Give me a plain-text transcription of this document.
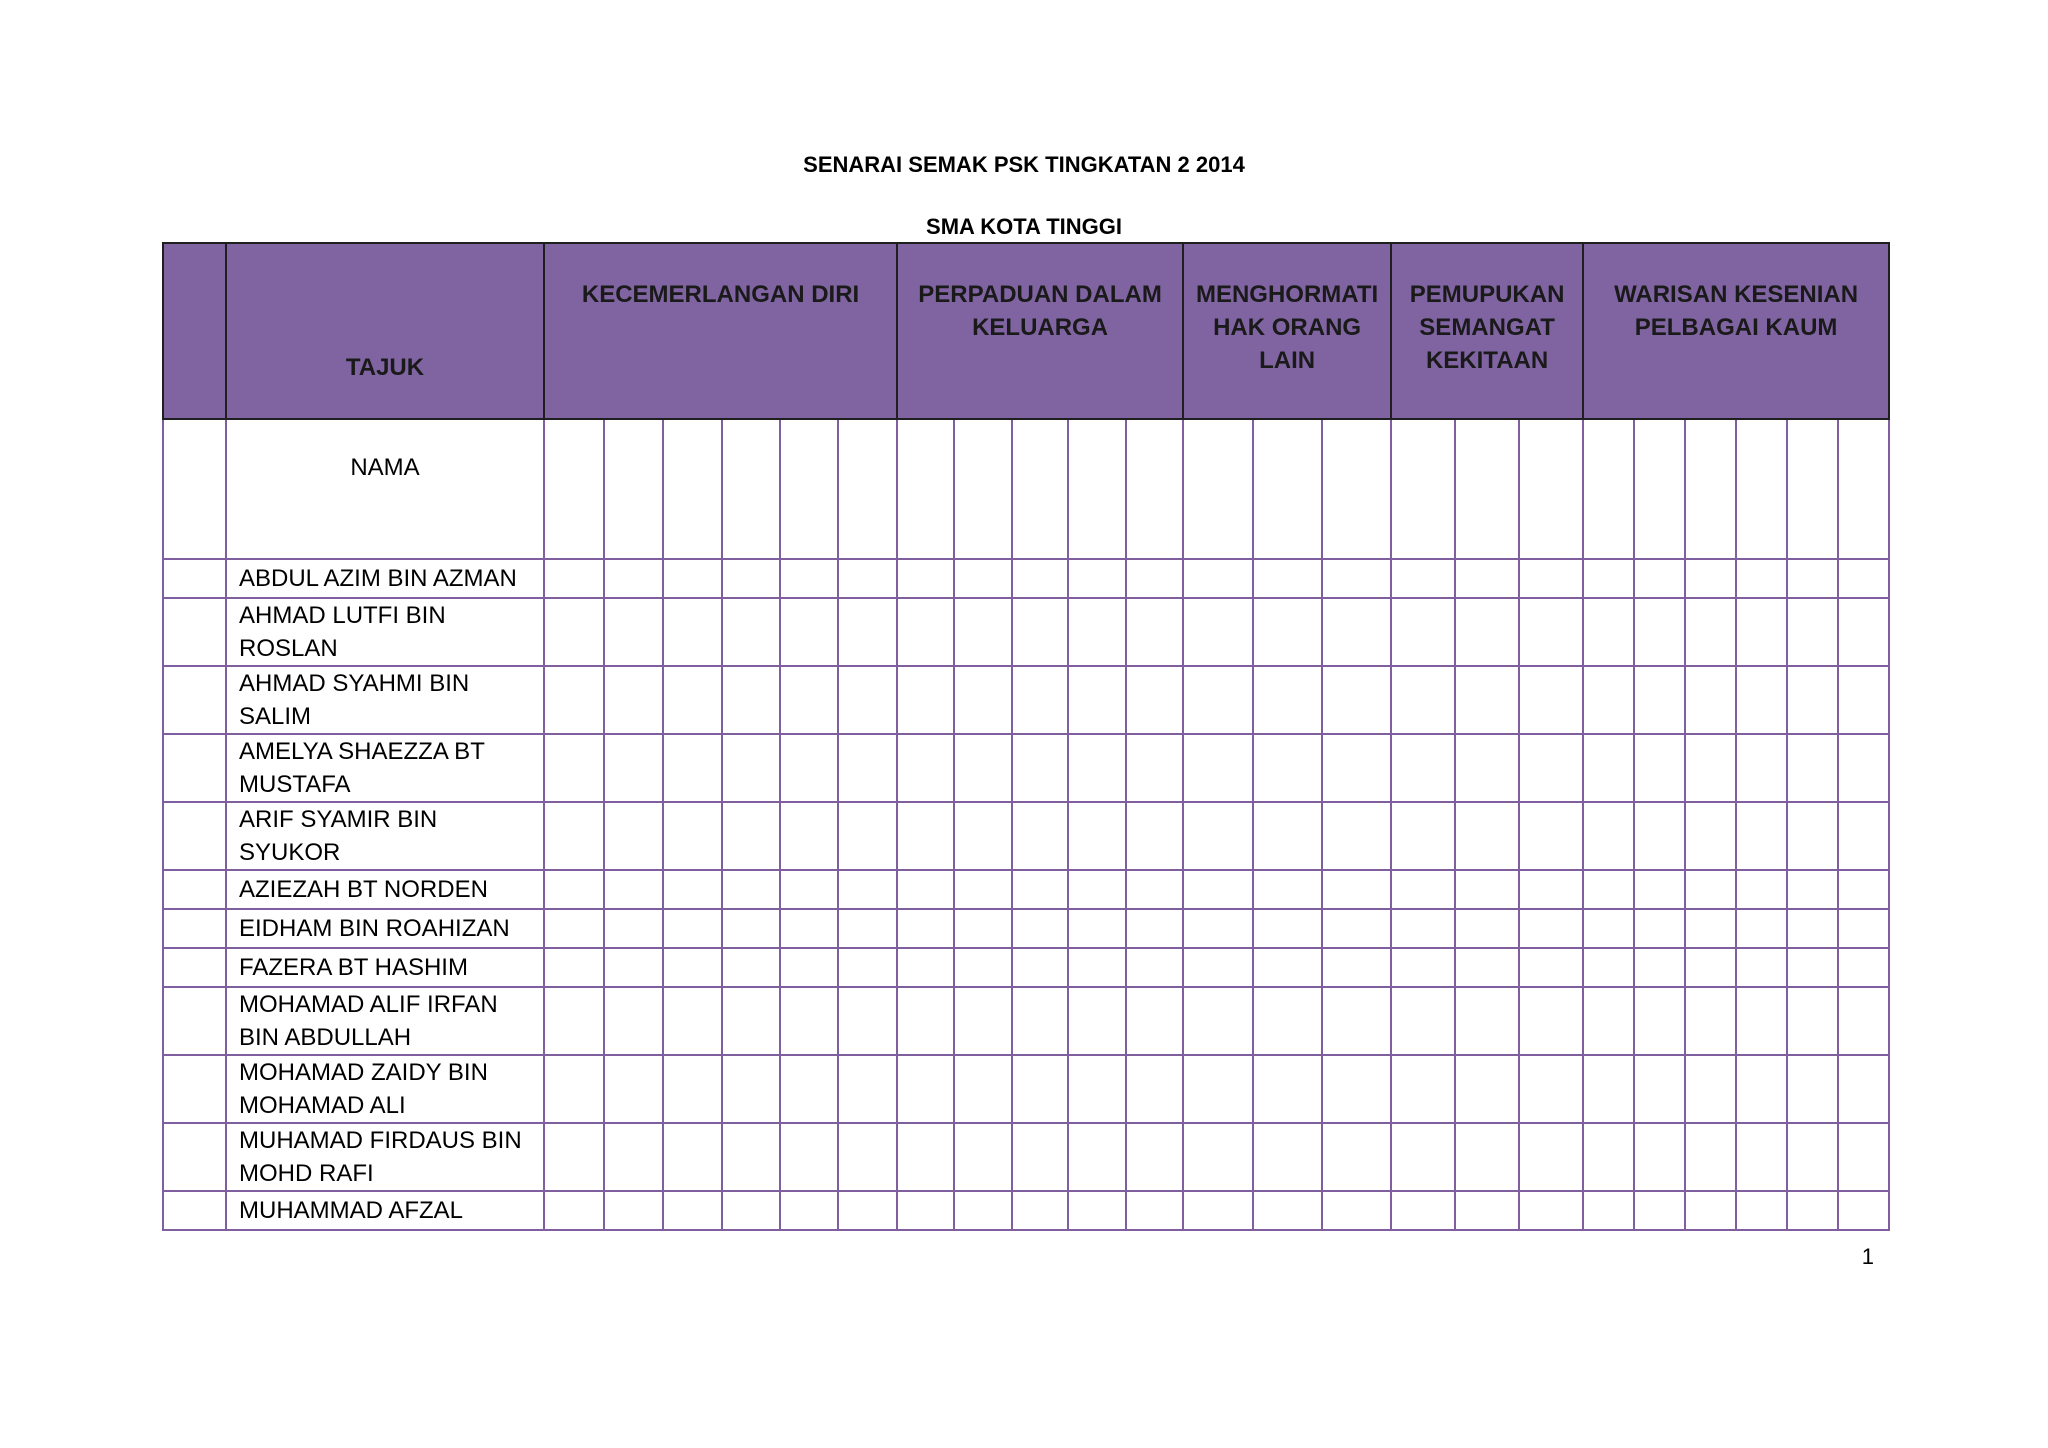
SENARAI SEMAK PSK TINGKATAN 2 2014
SMA KOTA TINGGI
	TAJUK	KECEMERLANGAN DIRI						PERPADUAN DALAM KELUARGA					MENGHORMATI HAK ORANG LAIN			PEMUPUKAN SEMANGAT KEKITAAN			WARISAN KESENIAN PELBAGAI KAUM					
	NAMA																							
	ABDUL AZIM BIN AZMAN																							
	AHMAD LUTFI BIN ROSLAN																							
	AHMAD SYAHMI BIN SALIM																							
	AMELYA SHAEZZA BT MUSTAFA																							
	ARIF SYAMIR BIN SYUKOR																							
	AZIEZAH BT NORDEN																							
	EIDHAM BIN ROAHIZAN																							
	FAZERA BT HASHIM																							
	MOHAMAD ALIF IRFAN BIN ABDULLAH																							
	MOHAMAD ZAIDY BIN MOHAMAD ALI																							
	MUHAMAD FIRDAUS BIN MOHD RAFI																							
	MUHAMMAD AFZAL																							

1
